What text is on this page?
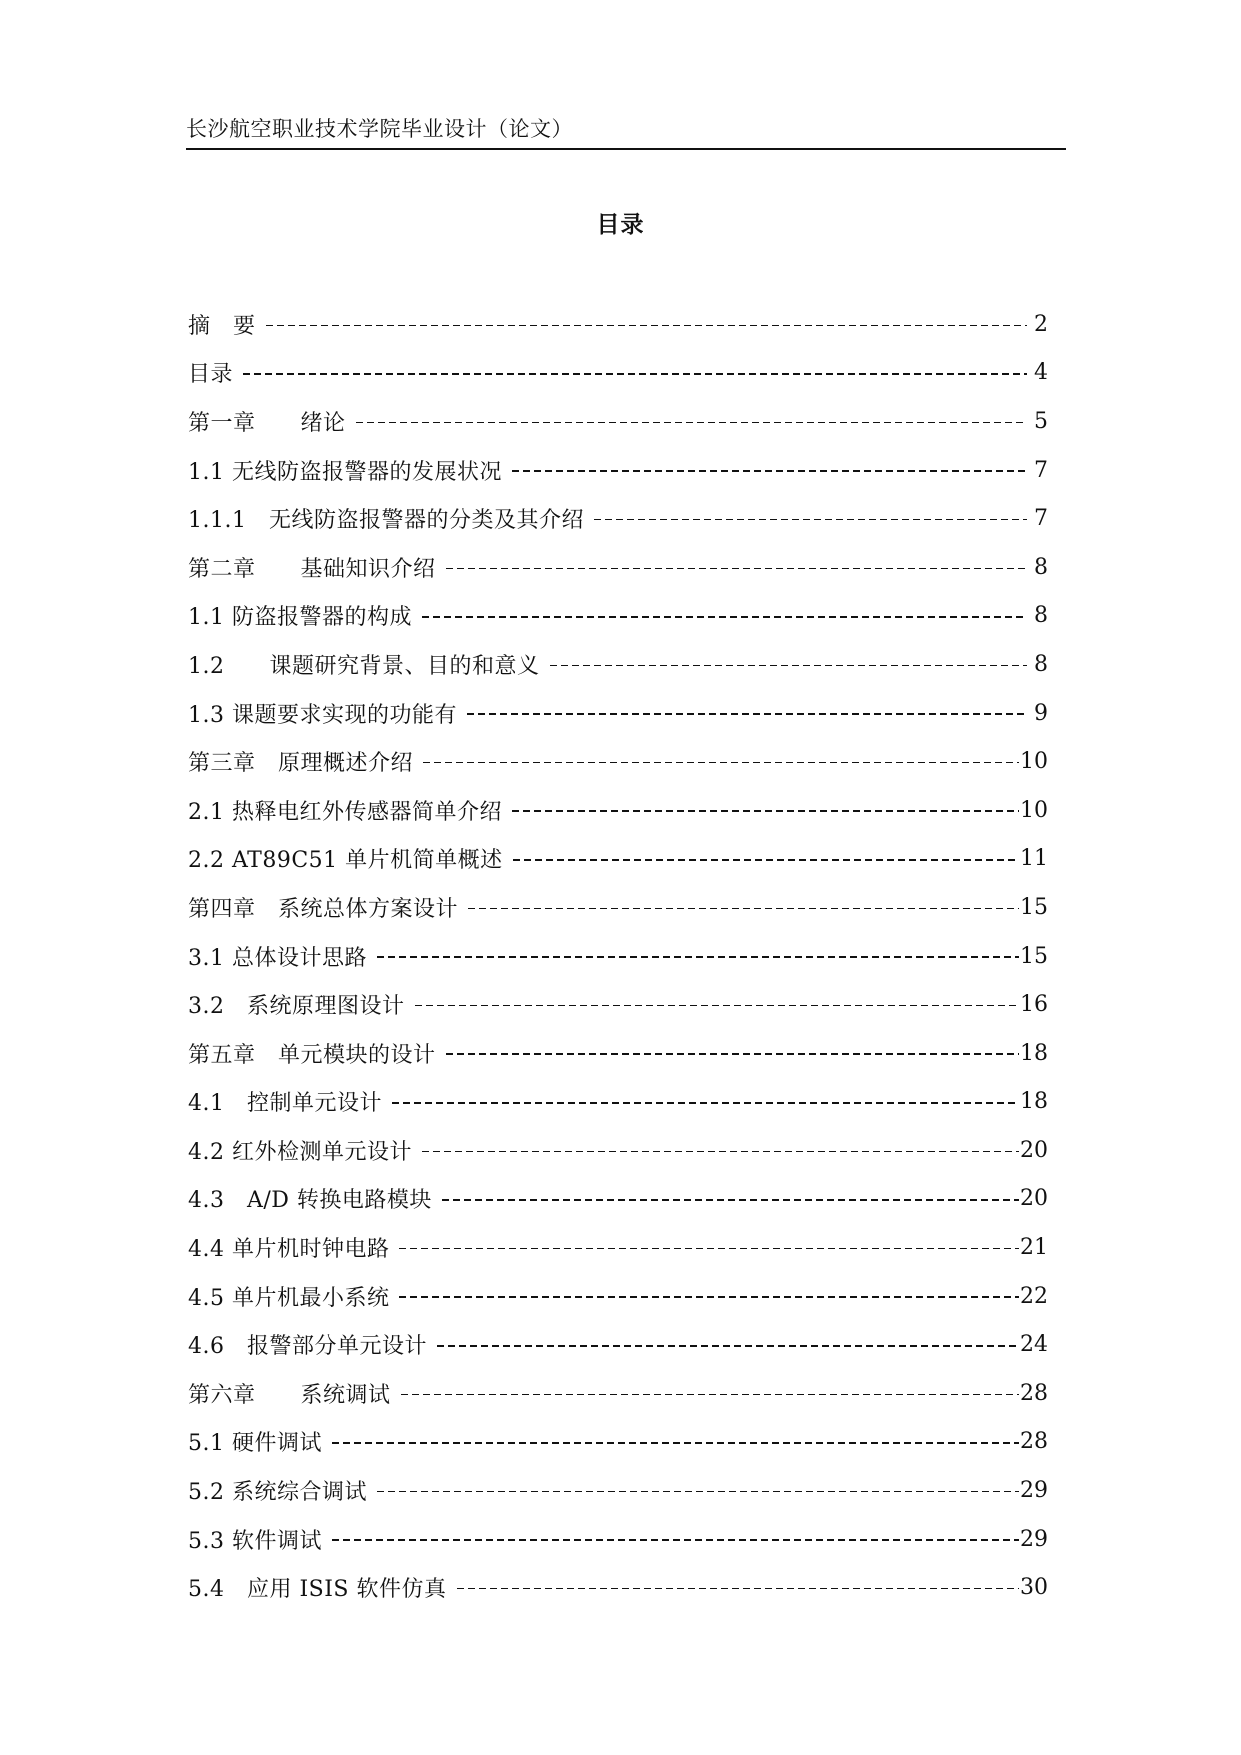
长沙航空职业技术学院毕业设计（论文）
目录
摘　要	2
目录	4
第一章　　绪论	5
1.1 无线防盗报警器的发展状况	7
1.1.1　无线防盗报警器的分类及其介绍	7
第二章　　基础知识介绍	8
1.1 防盗报警器的构成	8
1.2　　课题研究背景、目的和意义	8
1.3 课题要求实现的功能有	9
第三章　原理概述介绍	10
2.1 热释电红外传感器简单介绍	10
2.2 AT89C51 单片机简单概述	11
第四章　系统总体方案设计	15
3.1 总体设计思路	15
3.2　系统原理图设计	16
第五章　单元模块的设计	18
4.1　控制单元设计	18
4.2 红外检测单元设计	20
4.3　A/D 转换电路模块	20
4.4 单片机时钟电路	21
4.5 单片机最小系统	22
4.6　报警部分单元设计	24
第六章　　系统调试	28
5.1 硬件调试	28
5.2 系统综合调试	29
5.3 软件调试	29
5.4　应用 ISIS 软件仿真	30
